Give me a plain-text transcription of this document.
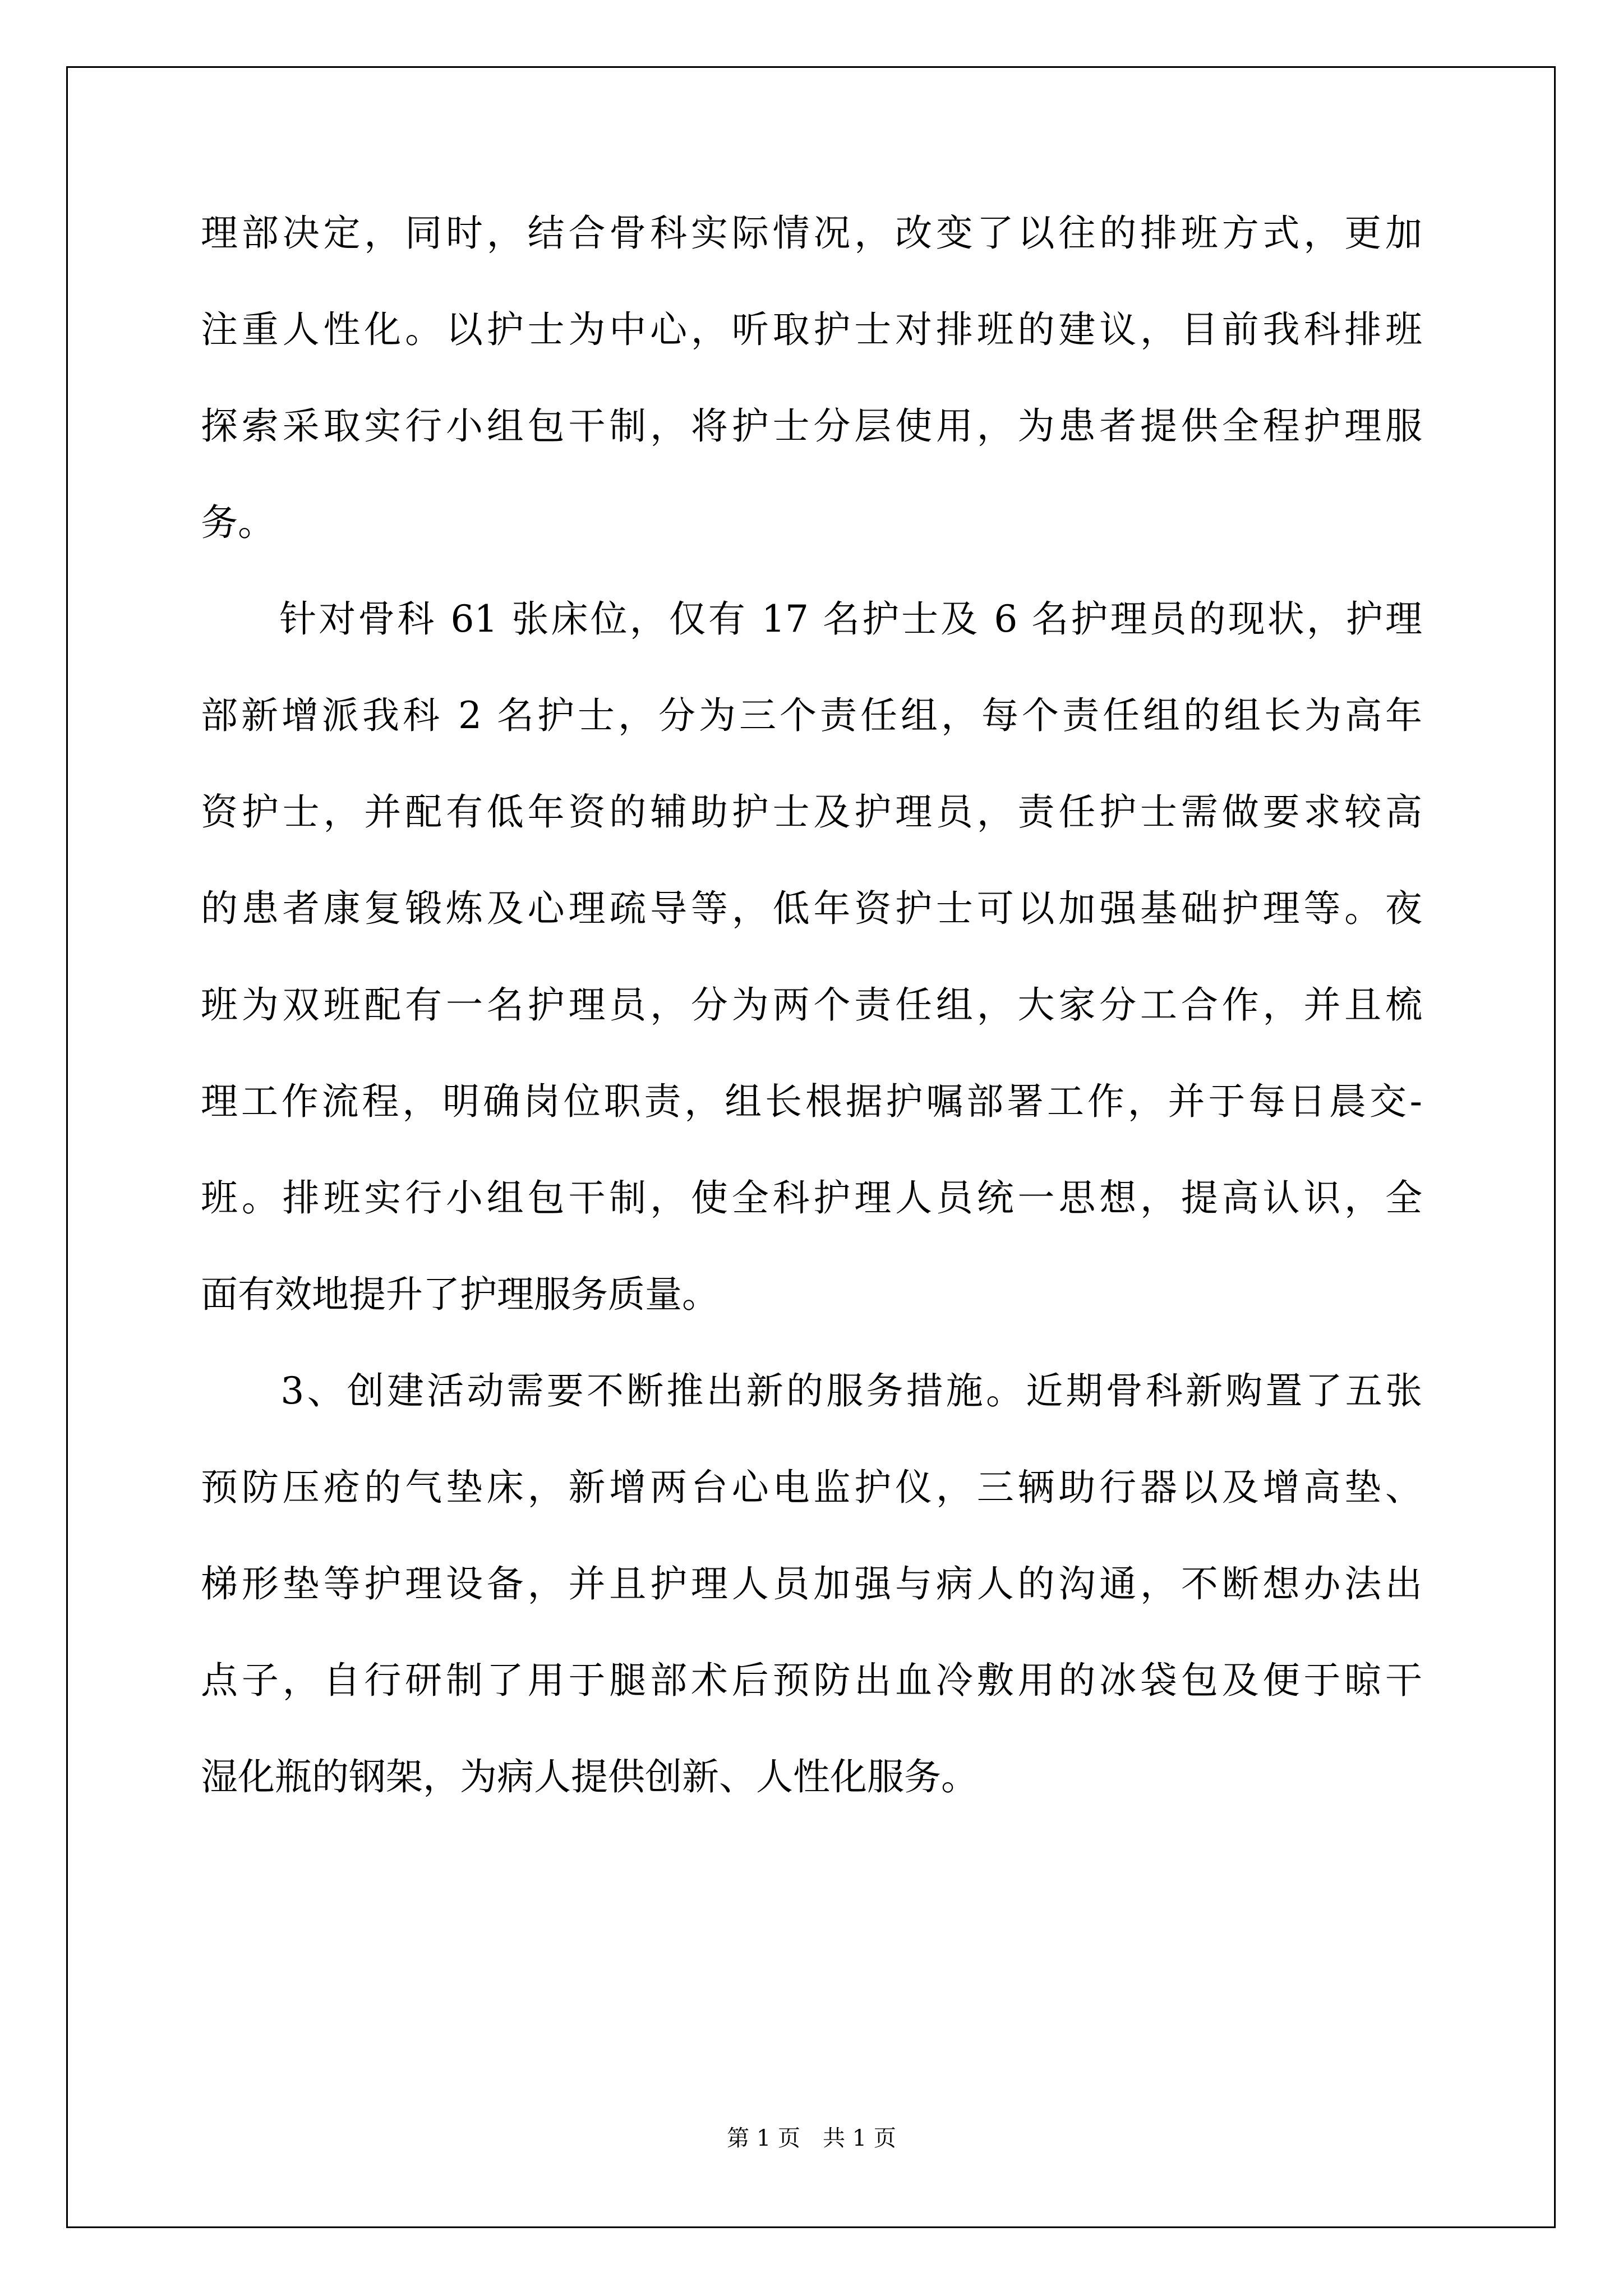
理部决定，同时，结合骨科实际情况，改变了以往的排班方式，更加
注重人性化。以护士为中心，听取护士对排班的建议，目前我科排班
探索采取实行小组包干制，将护士分层使用，为患者提供全程护理服
务。
　　针对骨科 61 张床位，仅有 17 名护士及 6 名护理员的现状，护理
部新增派我科 2 名护士，分为三个责任组，每个责任组的组长为高年
资护士，并配有低年资的辅助护士及护理员，责任护士需做要求较高
的患者康复锻炼及心理疏导等，低年资护士可以加强基础护理等。夜
班为双班配有一名护理员，分为两个责任组，大家分工合作，并且梳
理工作流程，明确岗位职责，组长根据护嘱部署工作，并于每日晨交-
班。排班实行小组包干制，使全科护理人员统一思想，提高认识，全
面有效地提升了护理服务质量。
　　3、创建活动需要不断推出新的服务措施。近期骨科新购置了五张
预防压疮的气垫床，新增两台心电监护仪，三辆助行器以及增高垫、
梯形垫等护理设备，并且护理人员加强与病人的沟通，不断想办法出
点子，自行研制了用于腿部术后预防出血冷敷用的冰袋包及便于晾干
湿化瓶的钢架，为病人提供创新、人性化服务。
第 1 页　共 1 页
